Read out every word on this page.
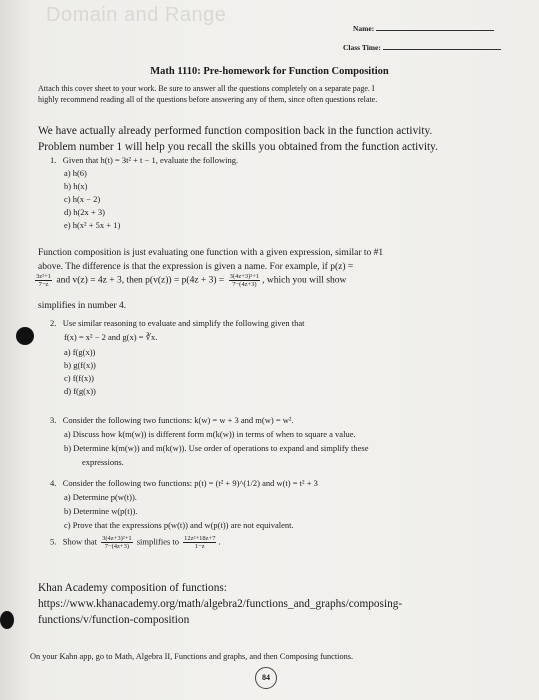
Domain and Range
Name:
Class Time:
Math 1110: Pre-homework for Function Composition
Attach this cover sheet to your work. Be sure to answer all the questions completely on a separate page. I
highly recommend reading all of the questions before answering any of them, since often questions relate.
We have actually already performed function composition back in the function activity.
Problem number 1 will help you recall the skills you obtained from the function activity.
1. Given that h(t) = 3t² + t − 1, evaluate the following.
a) h(6)
b) h(x)
c) h(x − 2)
d) h(2x + 3)
e) h(x² + 5x + 1)
Function composition is just evaluating one function with a given expression, similar to #1
above. The difference is that the expression is given a name. For example, if p(z) =
$\frac{\text{3z²+1}}{7-z}$ and v(z) = 4z + 3, then $p(v(z)) = p(4z + 3) = \frac{\text{3(4z+3)²+1}}{7-(4z+3)}$ , which you will show
simplifies in number 4.
2. Use similar reasoning to evaluate and simplify the following given that
f(x) = x² − 2 and g(x) = ∛x.
a) f(g(x))
b) g(f(x))
c) f(f(x))
d) f(g(x))
3. Consider the following two functions: k(w) = w + 3 and m(w) = w².
a) Discuss how k(m(w)) is different form m(k(w)) in terms of when to square a value.
b) Determine k(m(w)) and m(k(w)). Use order of operations to expand and simplify these
expressions.
4. Consider the following two functions: p(t) = (t² + 9)^(1/2) and w(t) = t² + 3
a) Determine p(w(t)).
b) Determine w(p(t)).
c) Prove that the expressions p(w(t)) and w(p(t)) are not equivalent.
5. Show that $\frac{\text{3(4z+3)²+1}}{7-(4z+3)}$ simplifies to $\frac{\text{12z²+18z+7}}{1-z}$ .
Khan Academy composition of functions:
https://www.khanacademy.org/math/algebra2/functions_and_graphs/composing-
functions/v/function-composition
On your Kahn app, go to Math, Algebra II, Functions and graphs, and then Composing functions.
84
